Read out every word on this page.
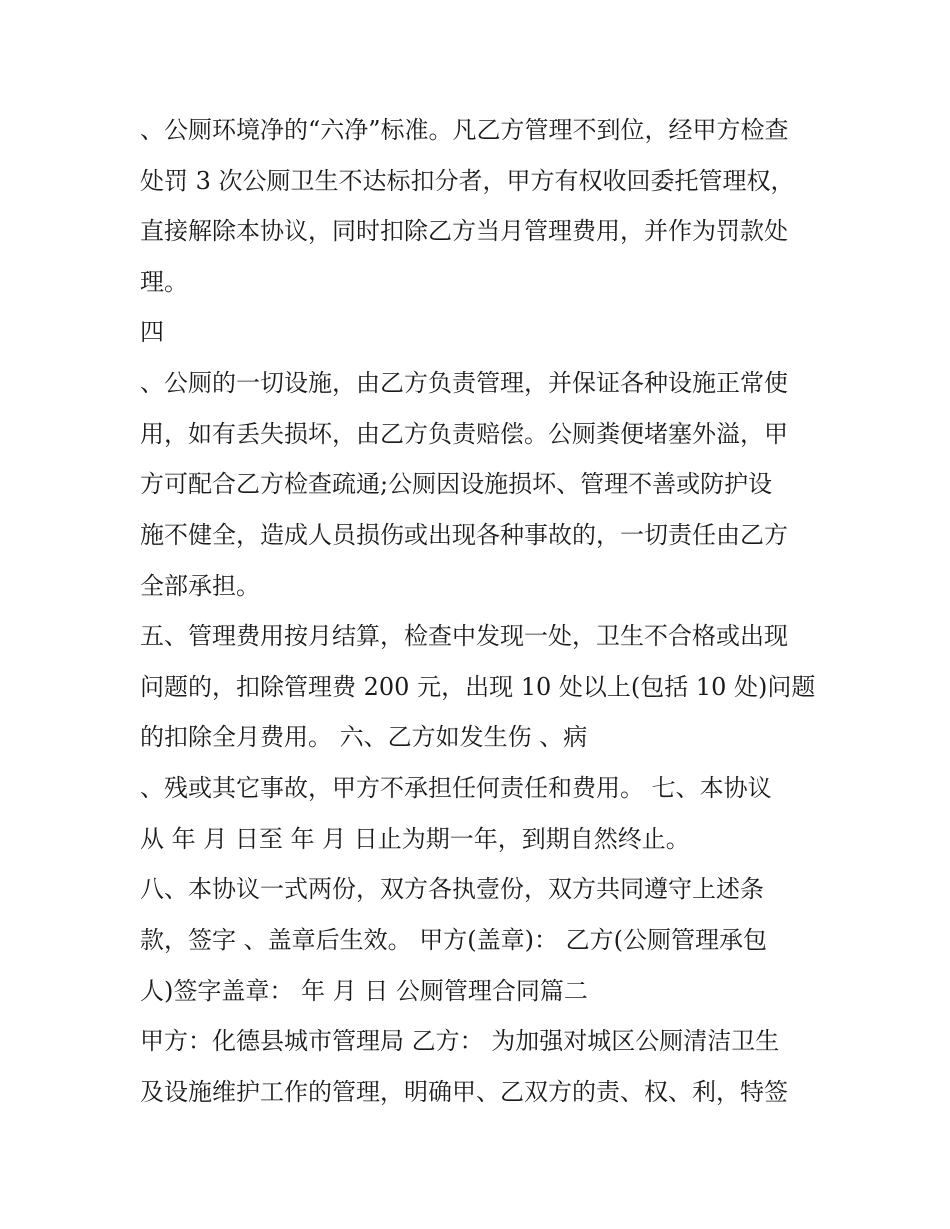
、公厕环境净的“六净”标准。凡乙方管理不到位，经甲方检查
处罚 3 次公厕卫生不达标扣分者，甲方有权收回委托管理权，
直接解除本协议，同时扣除乙方当月管理费用，并作为罚款处
理。
四
、公厕的一切设施，由乙方负责管理，并保证各种设施正常使
用，如有丢失损坏，由乙方负责赔偿。公厕粪便堵塞外溢，甲
方可配合乙方检查疏通;公厕因设施损坏、管理不善或防护设
施不健全，造成人员损伤或出现各种事故的，一切责任由乙方
全部承担。
五、管理费用按月结算，检查中发现一处，卫生不合格或出现
问题的，扣除管理费 200 元，出现 10 处以上(包括 10 处)问题
的扣除全月费用。 六、乙方如发生伤 、病
、残或其它事故，甲方不承担任何责任和费用。 七、本协议
从 年 月 日至 年 月 日止为期一年，到期自然终止。
八、本协议一式两份，双方各执壹份，双方共同遵守上述条
款，签字 、盖章后生效。 甲方(盖章)： 乙方(公厕管理承包
人)签字盖章： 年 月 日 公厕管理合同篇二
甲方：化德县城市管理局 乙方： 为加强对城区公厕清洁卫生
及设施维护工作的管理，明确甲、乙双方的责、权、利，特签
